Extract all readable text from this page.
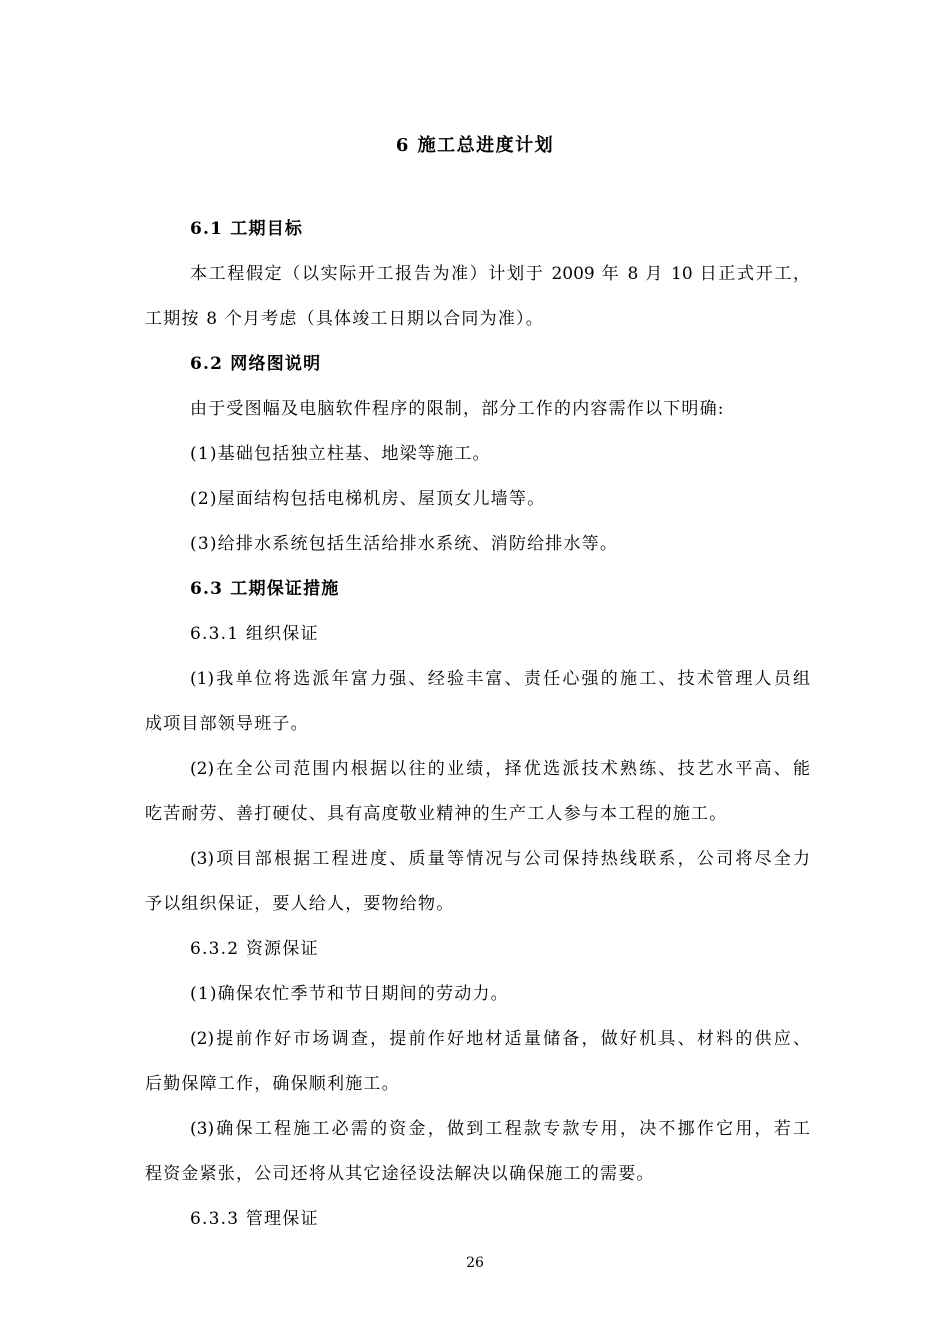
6 施工总进度计划
6.1 工期目标
本工程假定（以实际开工报告为准）计划于 2009 年 8 月 10 日正式开工，
工期按 8 个月考虑（具体竣工日期以合同为准）。
6.2 网络图说明
由于受图幅及电脑软件程序的限制，部分工作的内容需作以下明确:
(1)基础包括独立柱基、地梁等施工。
(2)屋面结构包括电梯机房、屋顶女儿墙等。
(3)给排水系统包括生活给排水系统、消防给排水等。
6.3 工期保证措施
6.3.1 组织保证
(1)我单位将选派年富力强、经验丰富、责任心强的施工、技术管理人员组
成项目部领导班子。
(2)在全公司范围内根据以往的业绩，择优选派技术熟练、技艺水平高、能
吃苦耐劳、善打硬仗、具有高度敬业精神的生产工人参与本工程的施工。
(3)项目部根据工程进度、质量等情况与公司保持热线联系，公司将尽全力
予以组织保证，要人给人，要物给物。
6.3.2 资源保证
(1)确保农忙季节和节日期间的劳动力。
(2)提前作好市场调查，提前作好地材适量储备，做好机具、材料的供应、
后勤保障工作，确保顺利施工。
(3)确保工程施工必需的资金，做到工程款专款专用，决不挪作它用，若工
程资金紧张，公司还将从其它途径设法解决以确保施工的需要。
6.3.3 管理保证
26
